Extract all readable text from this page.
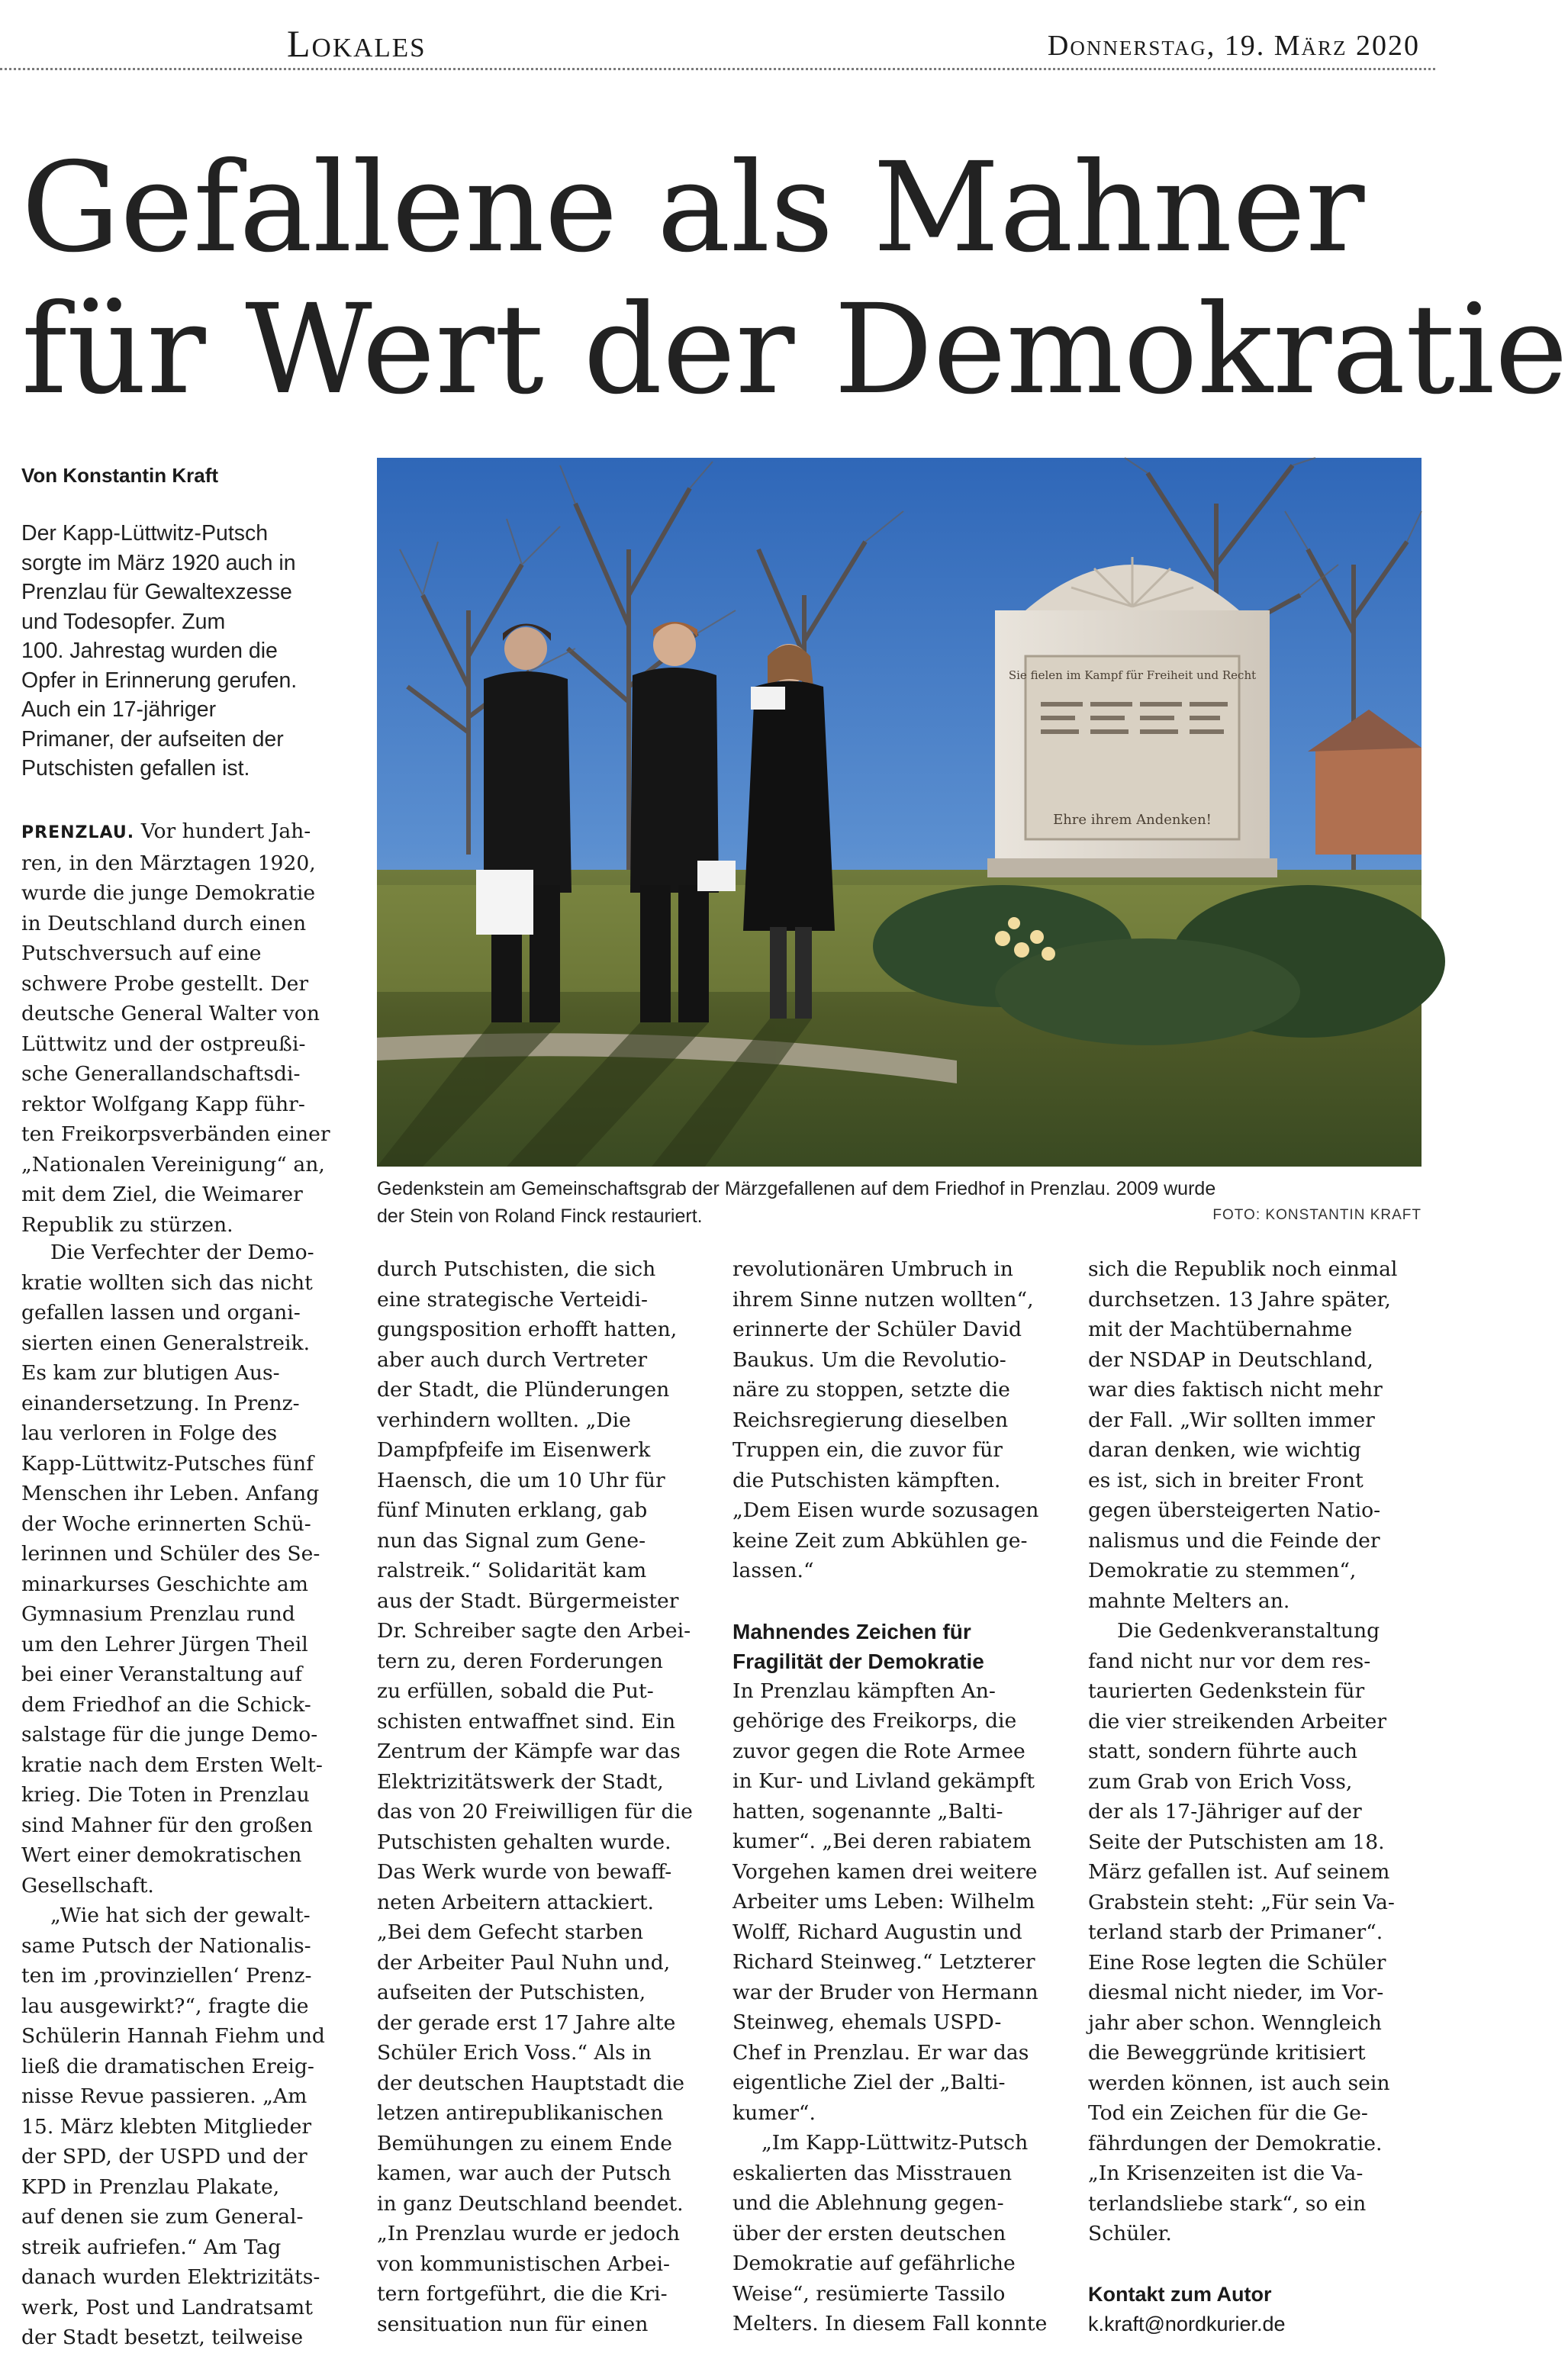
Lokales	Donnerstag, 19. März 2020
Gefallene als Mahner
für Wert der Demokratie
Von Konstantin Kraft
Der Kapp-Lüttwitz-Putsch
sorgte im März 1920 auch in
Prenzlau für Gewaltexzesse
und Todesopfer. Zum
100. Jahrestag wurden die
Opfer in Erinnerung gerufen.
Auch ein 17-jähriger
Primaner, der aufseiten der
Putschisten gefallen ist.
PRENZLAU. Vor hundert Jah-
ren, in den Märztagen 1920,
wurde die junge Demokratie
in Deutschland durch einen
Putschversuch auf eine
schwere Probe gestellt. Der
deutsche General Walter von
Lüttwitz und der ostpreußi-
sche Generallandschaftsdi-
rektor Wolfgang Kapp führ-
ten Freikorpsverbänden einer
„Nationalen Vereinigung“ an,
mit dem Ziel, die Weimarer
Republik zu stürzen.
Die Verfechter der Demo-
kratie wollten sich das nicht
gefallen lassen und organi-
sierten einen Generalstreik.
Es kam zur blutigen Aus-
einandersetzung. In Prenz-
lau verloren in Folge des
Kapp-Lüttwitz-Putsches fünf
Menschen ihr Leben. Anfang
der Woche erinnerten Schü-
lerinnen und Schüler des Se-
minarkurses Geschichte am
Gymnasium Prenzlau rund
um den Lehrer Jürgen Theil
bei einer Veranstaltung auf
dem Friedhof an die Schick-
salstage für die junge Demo-
kratie nach dem Ersten Welt-
krieg. Die Toten in Prenzlau
sind Mahner für den großen
Wert einer demokratischen
Gesellschaft.
„Wie hat sich der gewalt-
same Putsch der Nationalis-
ten im ‚provinziellen‘ Prenz-
lau ausgewirkt?“, fragte die
Schülerin Hannah Fiehm und
ließ die dramatischen Ereig-
nisse Revue passieren. „Am
15. März klebten Mitglieder
der SPD, der USPD und der
KPD in Prenzlau Plakate,
auf denen sie zum General-
streik aufriefen.“ Am Tag
danach wurden Elektrizitäts-
werk, Post und Landratsamt
der Stadt besetzt, teilweise
Sie fielen im Kampf für Freiheit und Recht
Ehre ihrem Andenken!
Gedenkstein am Gemeinschaftsgrab der Märzgefallenen auf dem Friedhof in Prenzlau. 2009 wurde
der Stein von Roland Finck restauriert.	FOTO: KONSTANTIN KRAFT
durch Putschisten, die sich
eine strategische Verteidi-
gungsposition erhofft hatten,
aber auch durch Vertreter
der Stadt, die Plünderungen
verhindern wollten. „Die
Dampfpfeife im Eisenwerk
Haensch, die um 10 Uhr für
fünf Minuten erklang, gab
nun das Signal zum Gene-
ralstreik.“ Solidarität kam
aus der Stadt. Bürgermeister
Dr. Schreiber sagte den Arbei-
tern zu, deren Forderungen
zu erfüllen, sobald die Put-
schisten entwaffnet sind. Ein
Zentrum der Kämpfe war das
Elektrizitätswerk der Stadt,
das von 20 Freiwilligen für die
Putschisten gehalten wurde.
Das Werk wurde von bewaff-
neten Arbeitern attackiert.
„Bei dem Gefecht starben
der Arbeiter Paul Nuhn und,
aufseiten der Putschisten,
der gerade erst 17 Jahre alte
Schüler Erich Voss.“ Als in
der deutschen Hauptstadt die
letzen antirepublikanischen
Bemühungen zu einem Ende
kamen, war auch der Putsch
in ganz Deutschland beendet.
„In Prenzlau wurde er jedoch
von kommunistischen Arbei-
tern fortgeführt, die die Kri-
sensituation nun für einen
revolutionären Umbruch in
ihrem Sinne nutzen wollten“,
erinnerte der Schüler David
Baukus. Um die Revolutio-
näre zu stoppen, setzte die
Reichsregierung dieselben
Truppen ein, die zuvor für
die Putschisten kämpften.
„Dem Eisen wurde sozusagen
keine Zeit zum Abkühlen ge-
lassen.“
Mahnendes Zeichen für
Fragilität der Demokratie
In Prenzlau kämpften An-
gehörige des Freikorps, die
zuvor gegen die Rote Armee
in Kur- und Livland gekämpft
hatten, sogenannte „Balti-
kumer“. „Bei deren rabiatem
Vorgehen kamen drei weitere
Arbeiter ums Leben: Wilhelm
Wolff, Richard Augustin und
Richard Steinweg.“ Letzterer
war der Bruder von Hermann
Steinweg, ehemals USPD-
Chef in Prenzlau. Er war das
eigentliche Ziel der „Balti-
kumer“.
„Im Kapp-Lüttwitz-Putsch
eskalierten das Misstrauen
und die Ablehnung gegen-
über der ersten deutschen
Demokratie auf gefährliche
Weise“, resümierte Tassilo
Melters. In diesem Fall konnte
sich die Republik noch einmal
durchsetzen. 13 Jahre später,
mit der Machtübernahme
der NSDAP in Deutschland,
war dies faktisch nicht mehr
der Fall. „Wir sollten immer
daran denken, wie wichtig
es ist, sich in breiter Front
gegen übersteigerten Natio-
nalismus und die Feinde der
Demokratie zu stemmen“,
mahnte Melters an.
Die Gedenkveranstaltung
fand nicht nur vor dem res-
taurierten Gedenkstein für
die vier streikenden Arbeiter
statt, sondern führte auch
zum Grab von Erich Voss,
der als 17-Jähriger auf der
Seite der Putschisten am 18.
März gefallen ist. Auf seinem
Grabstein steht: „Für sein Va-
terland starb der Primaner“.
Eine Rose legten die Schüler
diesmal nicht nieder, im Vor-
jahr aber schon. Wenngleich
die Beweggründe kritisiert
werden können, ist auch sein
Tod ein Zeichen für die Ge-
fährdungen der Demokratie.
„In Krisenzeiten ist die Va-
terlandsliebe stark“, so ein
Schüler.
Kontakt zum Autor
k.kraft@nordkurier.de
